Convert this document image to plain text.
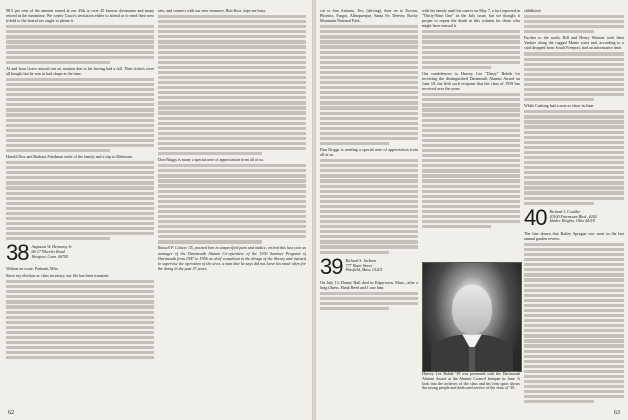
98.5 per cent of the amount issued at our 45th to over 45 known classmates and many retired in the meantime. We confer Grace's invitation either to attend or to send their new trifold to the lateral sex ought to please it.

Al and Joan Grace missed out on reunion due to his having had a fall. Their tickets were all bought but he was in bad shape at the time.

Harold Dox and Barbara Friedman write of the family and a trip to Delaware.

38 Augustus W. Hennessy Jr.
66-17 Wheeler Road
Westport, Conn. 06705

Written en route: Pathank, Miss.

Since my election as class secretary, my life has been transient.

sets, and connect with our new treasurer, Bob Ross, kept me busy.

Don Briggs is many a special note of appreciation from all of us.

Russell P. Colson '35, praised him in unspecified pain and malice, retired this last year as manager of the Dartmouth Alumni Co-operative of the 1930 Summer Program of Dartmouth from 1947 to 1956 as chief consultant in the design of the library and insisted to supervise the operation of the area, a man that he says did not leave his mind when for the doing in the past 37 years.

62

cut to San Antonio, Tex. (driving), then on to Tucson, Phoenix, Fargot, Albuquerque, Santa Fe, Denver, Rocky Mountain National Park.

Dan Driggs is sending a special note of appreciation from all of us.

39 Richard S. Jackson
777 Water Street
Pittsfield, Mass. 01201

On July 13, Danny Hall died in Edgartown, Mass., after a long illness. Hank Reed and I saw him.

with his family until his cancer on May 7, a fact reported in "Thirty-Nine One" in the July issue, but we thought it proper to repeat the death in this column for those who might have missed it.

Our condolences to Harvey Leo "Dusty" Rohde for receiving the distinguished Dartmouth Alumni Award on June 18, the fifth such recipient that the class of 1939 has received over the years.

Harvey Lee Rohde '39 was presented with the Dartmouth Alumni Award at the Alumni Council banquet in June. A look into the archives of the class and his firm spirit shows the strong people and dedicated service of the class of '39.

childhood.

Further to the north, Bill and Henry Wermer took their Yankee along the rugged Maine coast and, according to a card dropped from South Freeport, had an informative time.

While Cushing had a note as show in June.

40 Richard J. Coulder
20100 Fairmount Blvd., #202
Shaker Heights, Ohio 44118

The fine drawn that Bailey Sprague saw most in the last annual garden review.

63
